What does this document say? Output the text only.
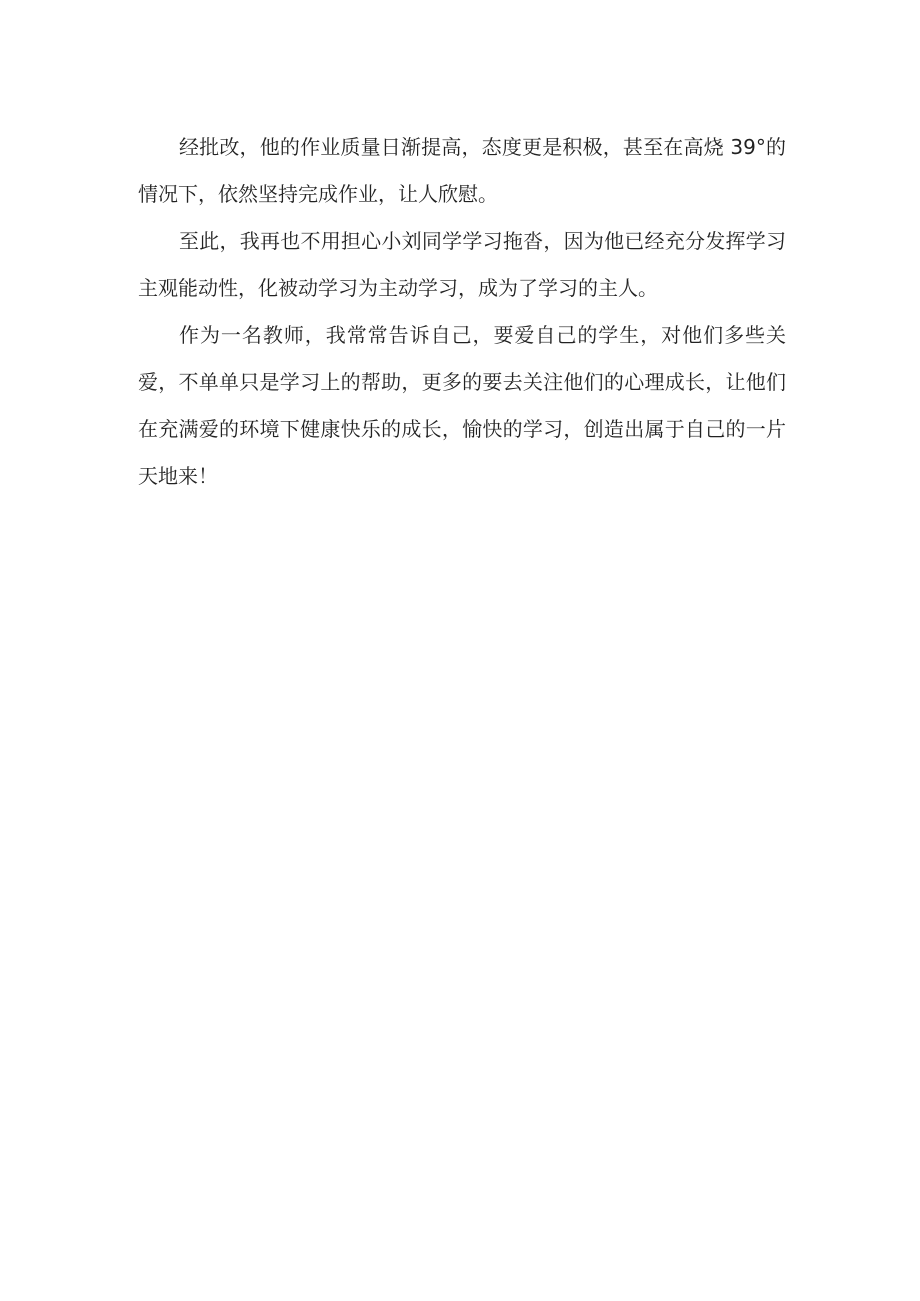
经批改，他的作业质量日渐提高，态度更是积极，甚至在高烧 39°的情况下，依然坚持完成作业，让人欣慰。

至此，我再也不用担心小刘同学学习拖沓，因为他已经充分发挥学习主观能动性，化被动学习为主动学习，成为了学习的主人。

作为一名教师，我常常告诉自己，要爱自己的学生，对他们多些关爱，不单单只是学习上的帮助，更多的要去关注他们的心理成长，让他们在充满爱的环境下健康快乐的成长，愉快的学习，创造出属于自己的一片天地来！
